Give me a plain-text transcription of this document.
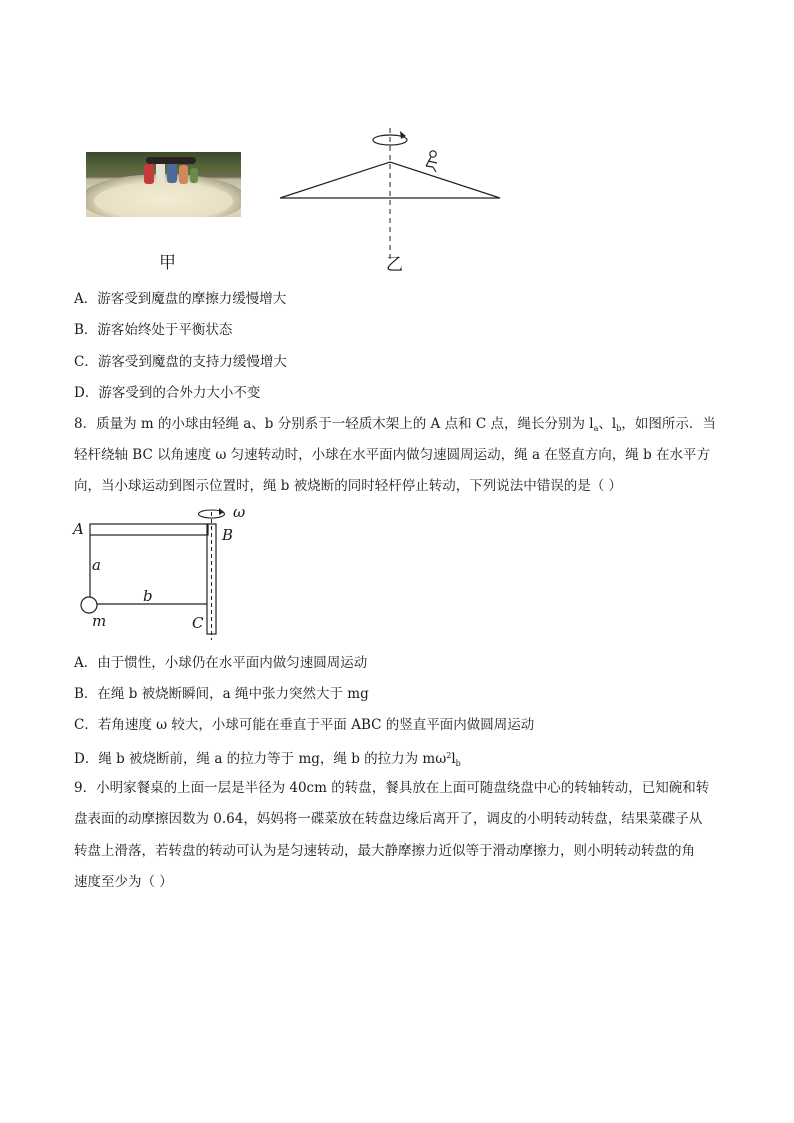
甲	乙
A．游客受到魔盘的摩擦力缓慢增大
B．游客始终处于平衡状态
C．游客受到魔盘的支持力缓慢增大
D．游客受到的合外力大小不变
8．质量为 m 的小球由轻绳 a、b 分别系于一轻质木架上的 A 点和 C 点，绳长分别为 $l_a$、$l_b$，如图所示．当
轻杆绕轴 BC 以角速度 ω 匀速转动时，小球在水平面内做匀速圆周运动，绳 a 在竖直方向，绳 b 在水平方
向，当小球运动到图示位置时，绳 b 被烧断的同时轻杆停止转动，下列说法中错误的是（ ）
A	B
C
a
b
m
ω
A．由于惯性，小球仍在水平面内做匀速圆周运动
B．在绳 b 被烧断瞬间，a 绳中张力突然大于 mg
C．若角速度 ω 较大，小球可能在垂直于平面 ABC 的竖直平面内做圆周运动
D．绳 b 被烧断前，绳 a 的拉力等于 mg，绳 b 的拉力为 $m\omega^2l_b$
9．小明家餐桌的上面一层是半径为 40cm 的转盘，餐具放在上面可随盘绕盘中心的转轴转动，已知碗和转
盘表面的动摩擦因数为 0.64，妈妈将一碟菜放在转盘边缘后离开了，调皮的小明转动转盘，结果菜碟子从
转盘上滑落，若转盘的转动可认为是匀速转动，最大静摩擦力近似等于滑动摩擦力，则小明转动转盘的角
速度至少为（ ）
